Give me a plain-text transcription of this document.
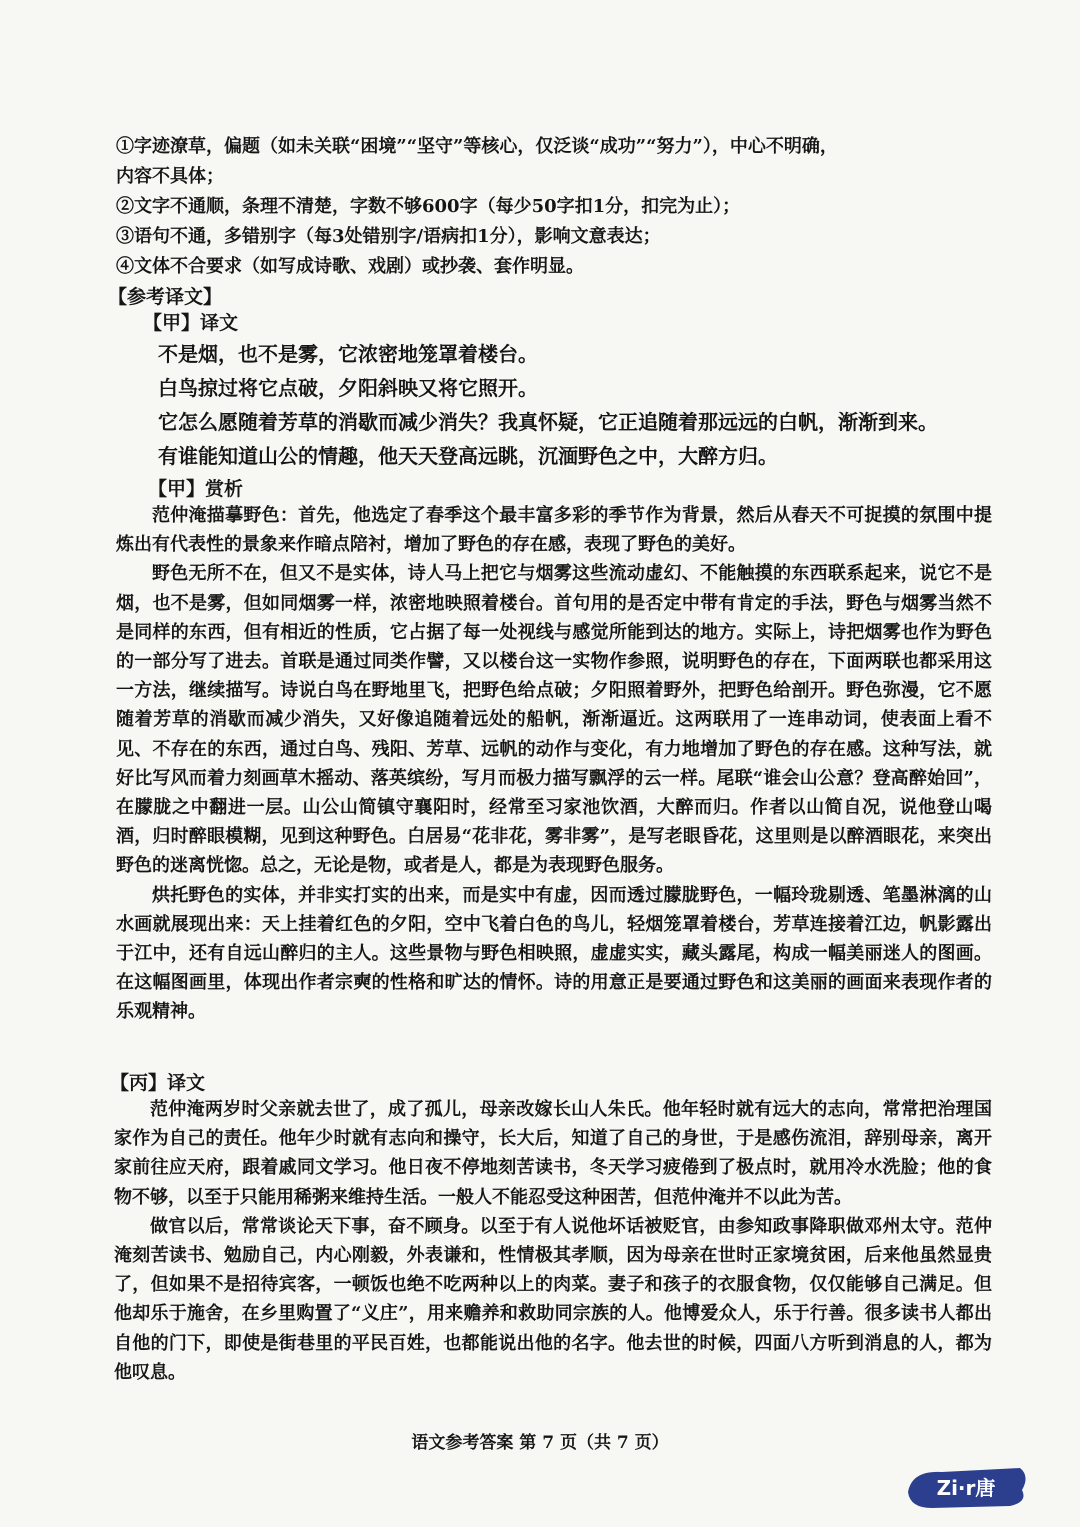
①字迹潦草，偏题（如未关联“困境”“坚守”等核心，仅泛谈“成功”“努力”），中心不明确，
内容不具体；
②文字不通顺，条理不清楚，字数不够600字（每少50字扣1分，扣完为止）；
③语句不通，多错别字（每3处错别字/语病扣1分），影响文意表达；
④文体不合要求（如写成诗歌、戏剧）或抄袭、套作明显。
【参考译文】
【甲】译文
不是烟，也不是雾，它浓密地笼罩着楼台。
白鸟掠过将它点破，夕阳斜映又将它照开。
它怎么愿随着芳草的消歇而减少消失？我真怀疑，它正追随着那远远的白帆，渐渐到来。
有谁能知道山公的情趣，他天天登高远眺，沉湎野色之中，大醉方归。
【甲】赏析

范仲淹描摹野色：首先，他选定了春季这个最丰富多彩的季节作为背景，然后从春天不可捉摸的氛围中提炼出有代表性的景象来作暗点陪衬，增加了野色的存在感，表现了野色的美好。

野色无所不在，但又不是实体，诗人马上把它与烟雾这些流动虚幻、不能触摸的东西联系起来，说它不是烟，也不是雾，但如同烟雾一样，浓密地映照着楼台。首句用的是否定中带有肯定的手法，野色与烟雾当然不是同样的东西，但有相近的性质，它占据了每一处视线与感觉所能到达的地方。实际上，诗把烟雾也作为野色的一部分写了进去。首联是通过同类作譬，又以楼台这一实物作参照，说明野色的存在，下面两联也都采用这一方法，继续描写。诗说白鸟在野地里飞，把野色给点破；夕阳照着野外，把野色给剖开。野色弥漫，它不愿随着芳草的消歇而减少消失，又好像追随着远处的船帆，渐渐逼近。这两联用了一连串动词，使表面上看不见、不存在的东西，通过白鸟、残阳、芳草、远帆的动作与变化，有力地增加了野色的存在感。这种写法，就好比写风而着力刻画草木摇动、落英缤纷，写月而极力描写飘浮的云一样。尾联“谁会山公意？登高醉始回”，在朦胧之中翻进一层。山公山简镇守襄阳时，经常至习家池饮酒，大醉而归。作者以山简自况，说他登山喝酒，归时醉眼模糊，见到这种野色。白居易“花非花，雾非雾”，是写老眼昏花，这里则是以醉酒眼花，来突出野色的迷离恍惚。总之，无论是物，或者是人，都是为表现野色服务。

烘托野色的实体，并非实打实的出来，而是实中有虚，因而透过朦胧野色，一幅玲珑剔透、笔墨淋漓的山水画就展现出来：天上挂着红色的夕阳，空中飞着白色的鸟儿，轻烟笼罩着楼台，芳草连接着江边，帆影露出于江中，还有自远山醉归的主人。这些景物与野色相映照，虚虚实实，藏头露尾，构成一幅美丽迷人的图画。在这幅图画里，体现出作者宗奭的性格和旷达的情怀。诗的用意正是要通过野色和这美丽的画面来表现作者的乐观精神。

【丙】译文

范仲淹两岁时父亲就去世了，成了孤儿，母亲改嫁长山人朱氏。他年轻时就有远大的志向，常常把治理国家作为自己的责任。他年少时就有志向和操守，长大后，知道了自己的身世，于是感伤流泪，辞别母亲，离开家前往应天府，跟着戚同文学习。他日夜不停地刻苦读书，冬天学习疲倦到了极点时，就用冷水洗脸；他的食物不够，以至于只能用稀粥来维持生活。一般人不能忍受这种困苦，但范仲淹并不以此为苦。

做官以后，常常谈论天下事，奋不顾身。以至于有人说他坏话被贬官，由参知政事降职做邓州太守。范仲淹刻苦读书、勉励自己，内心刚毅，外表谦和，性情极其孝顺，因为母亲在世时正家境贫困，后来他虽然显贵了，但如果不是招待宾客，一顿饭也绝不吃两种以上的肉菜。妻子和孩子的衣服食物，仅仅能够自己满足。但他却乐于施舍，在乡里购置了“义庄”，用来赡养和救助同宗族的人。他博爱众人，乐于行善。很多读书人都出自他的门下，即使是街巷里的平民百姓，也都能说出他的名字。他去世的时候，四面八方听到消息的人，都为他叹息。

语文参考答案 第 7 页（共 7 页）
Zi·r唐
